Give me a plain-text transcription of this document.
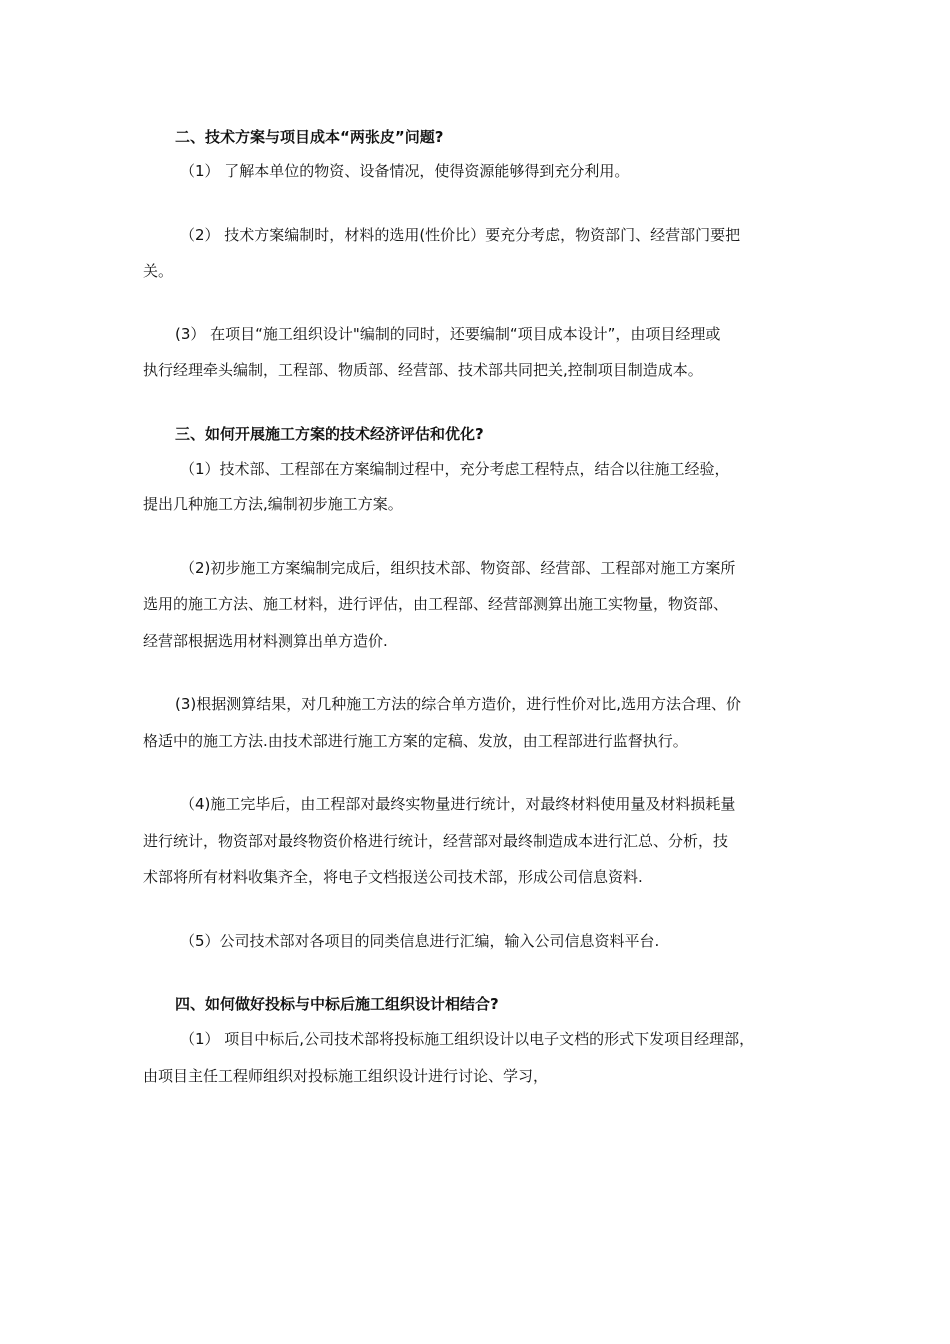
二、技术方案与项目成本“两张皮”问题?
（1） 了解本单位的物资、设备情况，使得资源能够得到充分利用。
（2） 技术方案编制时，材料的选用(性价比）要充分考虑，物资部门、经营部门要把
关。
(3） 在项目“施工组织设计"编制的同时，还要编制“项目成本设计”，由项目经理或
执行经理牵头编制，工程部、物质部、经营部、技术部共同把关,控制项目制造成本。
三、如何开展施工方案的技术经济评估和优化?
（1）技术部、工程部在方案编制过程中，充分考虑工程特点，结合以往施工经验，
提出几种施工方法,编制初步施工方案。
（2)初步施工方案编制完成后，组织技术部、物资部、经营部、工程部对施工方案所
选用的施工方法、施工材料，进行评估，由工程部、经营部测算出施工实物量，物资部、
经营部根据选用材料测算出单方造价.
(3)根据测算结果，对几种施工方法的综合单方造价，进行性价对比,选用方法合理、价
格适中的施工方法.由技术部进行施工方案的定稿、发放，由工程部进行监督执行。
（4)施工完毕后，由工程部对最终实物量进行统计，对最终材料使用量及材料损耗量
进行统计，物资部对最终物资价格进行统计，经营部对最终制造成本进行汇总、分析，技
术部将所有材料收集齐全，将电子文档报送公司技术部，形成公司信息资料.
（5）公司技术部对各项目的同类信息进行汇编，输入公司信息资料平台.
四、如何做好投标与中标后施工组织设计相结合?
（1） 项目中标后,公司技术部将投标施工组织设计以电子文档的形式下发项目经理部，
由项目主任工程师组织对投标施工组织设计进行讨论、学习，
